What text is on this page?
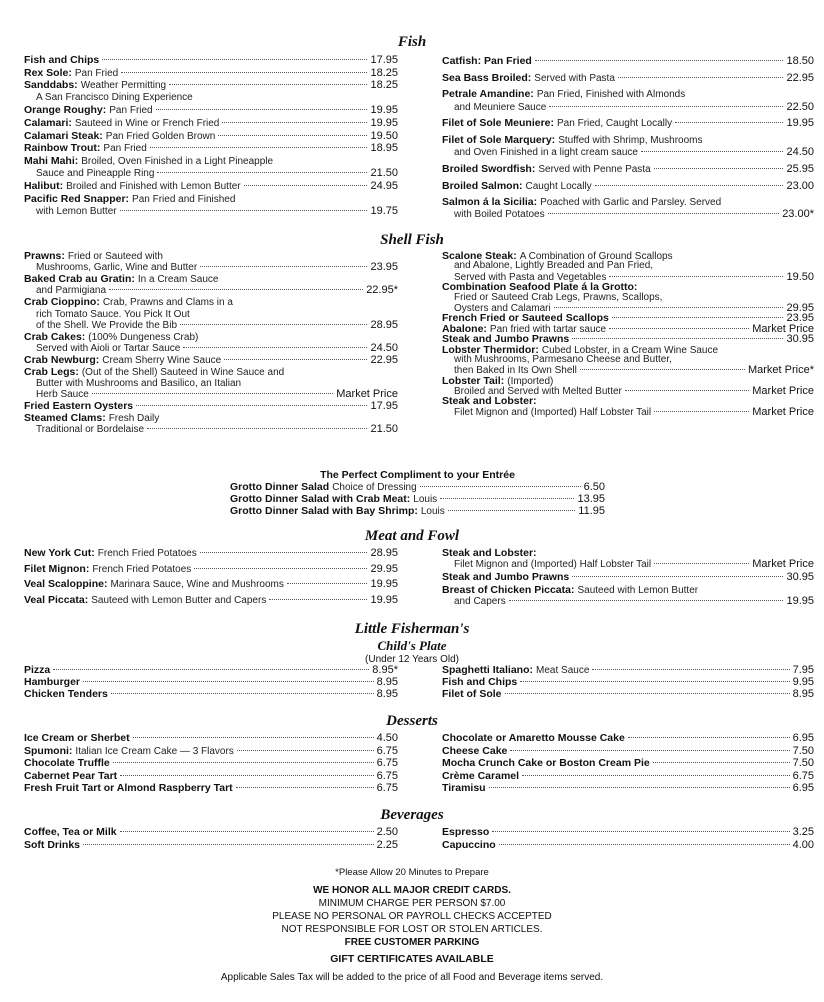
Fish
Fish and Chips	17.95
Rex Sole: Pan Fried	18.25
Sanddabs: Weather Permitting	18.25
A San Francisco Dining Experience
Orange Roughy: Pan Fried	19.95
Calamari: Sauteed in Wine or French Fried	19.95
Calamari Steak: Pan Fried Golden Brown	19.50
Rainbow Trout: Pan Fried	18.95
Mahi Mahi: Broiled, Oven Finished in a Light Pineapple
Sauce and Pineapple Ring	21.50
Halibut: Broiled and Finished with Lemon Butter	24.95
Pacific Red Snapper: Pan Fried and Finished
with Lemon Butter	19.75
Catfish: Pan Fried	18.50
Sea Bass Broiled: Served with Pasta	22.95
Petrale Amandine: Pan Fried, Finished with Almonds
and Meuniere Sauce	22.50
Filet of Sole Meuniere: Pan Fried, Caught Locally	19.95
Filet of Sole Marquery: Stuffed with Shrimp, Mushrooms
and Oven Finished in a light cream sauce	24.50
Broiled Swordfish: Served with Penne Pasta	25.95
Broiled Salmon: Caught Locally	23.00
Salmon á la Sicilia: Poached with Garlic and Parsley. Served
with Boiled Potatoes	23.00*
Shell Fish
Prawns: Fried or Sauteed with
Mushrooms, Garlic, Wine and Butter	23.95
Baked Crab au Gratin: In a Cream Sauce
and Parmigiana	22.95*
Crab Cioppino: Crab, Prawns and Clams in a
rich Tomato Sauce. You Pick It Out
of the Shell. We Provide the Bib	28.95
Crab Cakes: (100% Dungeness Crab)
Served with Aioli or Tartar Sauce	24.50
Crab Newburg: Cream Sherry Wine Sauce	22.95
Crab Legs: (Out of the Shell) Sauteed in Wine Sauce and
Butter with Mushrooms and Basilico, an Italian
Herb Sauce	Market Price
Fried Eastern Oysters	17.95
Steamed Clams: Fresh Daily
Traditional or Bordelaise	21.50
Scalone Steak: A Combination of Ground Scallops
and Abalone, Lightly Breaded and Pan Fried,
Served with Pasta and Vegetables	19.50
Combination Seafood Plate á la Grotto:
Fried or Sauteed Crab Legs, Prawns, Scallops,
Oysters and Calamari	29.95
French Fried or Sauteed Scallops	23.95
Abalone: Pan fried with tartar sauce	Market Price
Steak and Jumbo Prawns	30.95
Lobster Thermidor: Cubed Lobster, in a Cream Wine Sauce
with Mushrooms, Parmesano Cheese and Butter,
then Baked in Its Own Shell	Market Price*
Lobster Tail: (Imported)
Broiled and Served with Melted Butter	Market Price
Steak and Lobster:
Filet Mignon and (Imported) Half Lobster Tail	Market Price
The Perfect Compliment to your Entrée
Grotto Dinner Salad Choice of Dressing	6.50
Grotto Dinner Salad with Crab Meat: Louis	13.95
Grotto Dinner Salad with Bay Shrimp: Louis	11.95
Meat and Fowl
New York Cut: French Fried Potatoes	28.95
Filet Mignon: French Fried Potatoes	29.95
Veal Scaloppine: Marinara Sauce, Wine and Mushrooms	19.95
Veal Piccata: Sauteed with Lemon Butter and Capers	19.95
Steak and Lobster:
Filet Mignon and (Imported) Half Lobster Tail	Market Price
Steak and Jumbo Prawns	30.95
Breast of Chicken Piccata: Sauteed with Lemon Butter
and Capers	19.95
Little Fisherman's
Child's Plate
(Under 12 Years Old)
Pizza	8.95*
Hamburger	8.95
Chicken Tenders	8.95
Spaghetti Italiano: Meat Sauce	7.95
Fish and Chips	9.95
Filet of Sole	8.95
Desserts
Ice Cream or Sherbet	4.50
Spumoni: Italian Ice Cream Cake — 3 Flavors	6.75
Chocolate Truffle	6.75
Cabernet Pear Tart	6.75
Fresh Fruit Tart or Almond Raspberry Tart	6.75
Chocolate or Amaretto Mousse Cake	6.95
Cheese Cake	7.50
Mocha Crunch Cake or Boston Cream Pie	7.50
Crème Caramel	6.75
Tiramisu	6.95
Beverages
Coffee, Tea or Milk	2.50
Soft Drinks	2.25
Espresso	3.25
Capuccino	4.00
*Please Allow 20 Minutes to Prepare
WE HONOR ALL MAJOR CREDIT CARDS.
MINIMUM CHARGE PER PERSON $7.00
PLEASE NO PERSONAL OR PAYROLL CHECKS ACCEPTED
NOT RESPONSIBLE FOR LOST OR STOLEN ARTICLES.
FREE CUSTOMER PARKING
GIFT CERTIFICATES AVAILABLE
Applicable Sales Tax will be added to the price of all Food and Beverage items served.
